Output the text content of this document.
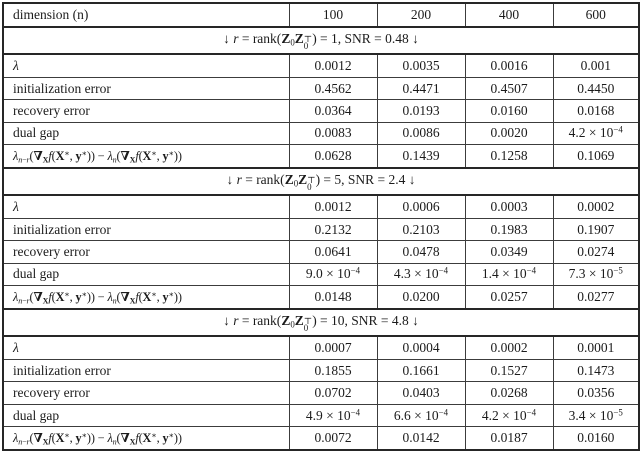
dimension (n)	100	200	400	600
↓ $r = rank(Z_0Z$ ⊤
0 ) = 1, SNR = 0.48 ↓				
λ	0.0012	0.0035	0.0016	0.001
initialization error	0.4562	0.4471	0.4507	0.4450
recovery error	0.0364	0.0193	0.0160	0.0168
dual gap	0.0083	0.0086	0.0020	$4.2 \times 10^{-4}$
$\lambda_{n-r}(\nabla_Xf(X^∗$, $y^∗)) - \lambda_n(\nabla_Xf(X^∗$, y∗))	0.0628	0.1439	0.1258	0.1069
↓ $r = rank(Z_0Z$ ⊤
0 ) = 5, SNR = 2.4 ↓				
λ	0.0012	0.0006	0.0003	0.0002
initialization error	0.2132	0.2103	0.1983	0.1907
recovery error	0.0641	0.0478	0.0349	0.0274
dual gap	$9.0 \times 10^{-4}$	$4.3 \times 10^{-4}$	$1.4 \times 10^{-4}$	$7.3 \times 10^{-5}$
$\lambda_{n-r}(\nabla_Xf(X^∗$, $y^∗)) - \lambda_n(\nabla_Xf(X^∗$, y∗))	0.0148	0.0200	0.0257	0.0277
↓ $r = rank(Z_0Z$ ⊤
0 ) = 10, SNR = 4.8 ↓				
λ	0.0007	0.0004	0.0002	0.0001
initialization error	0.1855	0.1661	0.1527	0.1473
recovery error	0.0702	0.0403	0.0268	0.0356
dual gap	$4.9 \times 10^{-4}$	$6.6 \times 10^{-4}$	$4.2 \times 10^{-4}$	$3.4 \times 10^{-5}$
$\lambda_{n-r}(\nabla_Xf(X^∗$, $y^∗)) - \lambda_n(\nabla_Xf(X^∗$, y∗))	0.0072	0.0142	0.0187	0.0160
